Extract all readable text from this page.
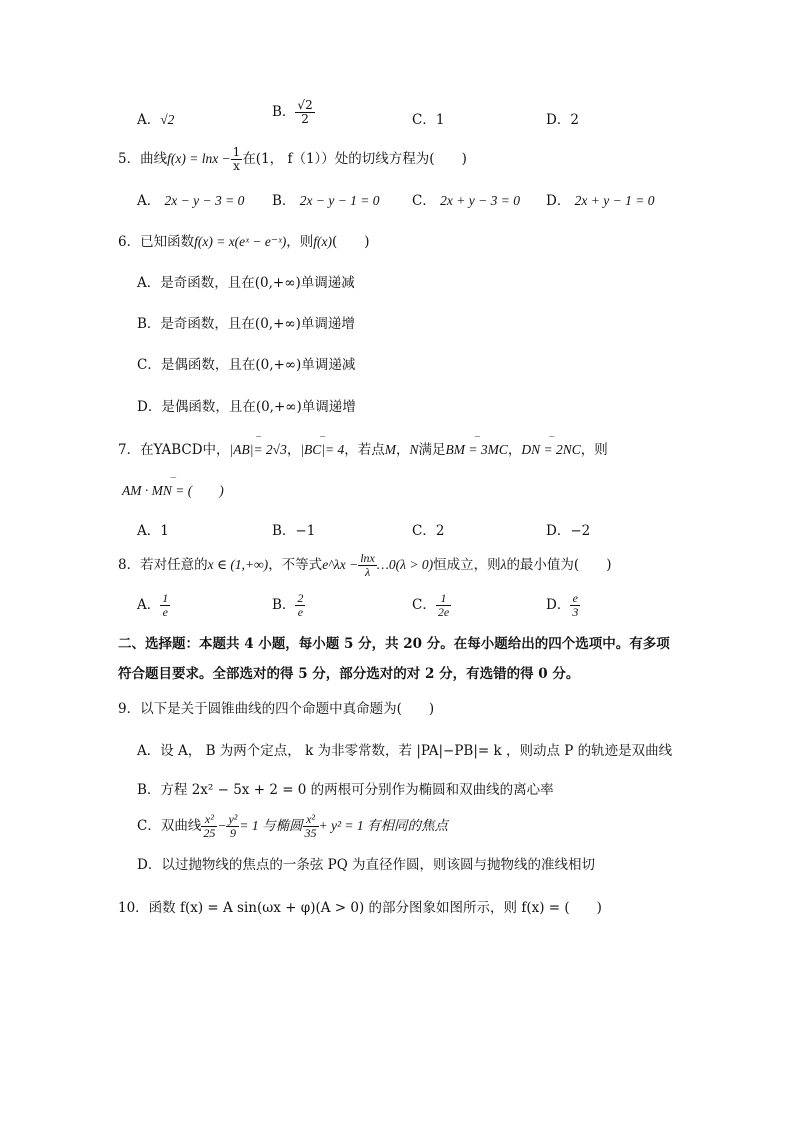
A．√2	B． $\frac{√2}{2}$	C．1	D．2
5．曲线$f(x) = \ln x - \frac{1}{x}$ 在(1， f（1））处的切线方程为(　　)
A． 2x − y − 3 = 0 B． 2x − y − 1 = 0 C． 2x + y − 3 = 0 D． 2x + y − 1 = 0
6．已知函数f(x) = x(eˣ − e⁻ˣ)，则f(x)(　　)
A．是奇函数，且在(0,+∞)单调递减
B．是奇函数，且在(0,+∞)单调递增
C．是偶函数，且在(0,+∞)单调递减
D．是偶函数，且在(0,+∞)单调递增
7．在YABCD中，‾‾ |AB|= 2√3，‾‾ |BC|= 4，若点M，N满足‾‾ BM = 3MC，‾‾ DN = 2NC，则
‾‾ AM · MN = (　　)
A．1	B．−1	C．2	D．−2
8．若对任意的x ∈ (1,+∞)，不等式e^λx − $\frac{\ln x}{\lambda}$ …0(λ > 0)恒成立，则λ的最小值为(　　)
A． $\frac{1}{e}$	B． $\frac{2}{e}$	C． $\frac{1}{2e}$	D． $\frac{e}{3}$
二、选择题：本题共 4 小题，每小题 5 分，共 20 分。在每小题给出的四个选项中。有多项
符合题目要求。全部选对的得 5 分，部分选对的对 2 分，有选错的得 0 分。
9．以下是关于圆锥曲线的四个命题中真命题为(　　)
A．设 A， B 为两个定点， k 为非零常数，若 |PA|−PB|= k ，则动点 P 的轨迹是双曲线
B．方程 2x² − 5x + 2 = 0 的两根可分别作为椭圆和双曲线的离心率
C．双曲线 $\frac{\text{x²}}{25} - \frac{\text{y²}}{9} = 1$ 与椭圆 $\frac{\text{x²}}{35} + y^2 = 1$ 有相同的焦点
D．以过抛物线的焦点的一条弦 PQ 为直径作圆，则该圆与抛物线的准线相切
10．函数 f(x) = A sin(ωx + φ)(A > 0) 的部分图象如图所示，则 f(x) = (　　)
